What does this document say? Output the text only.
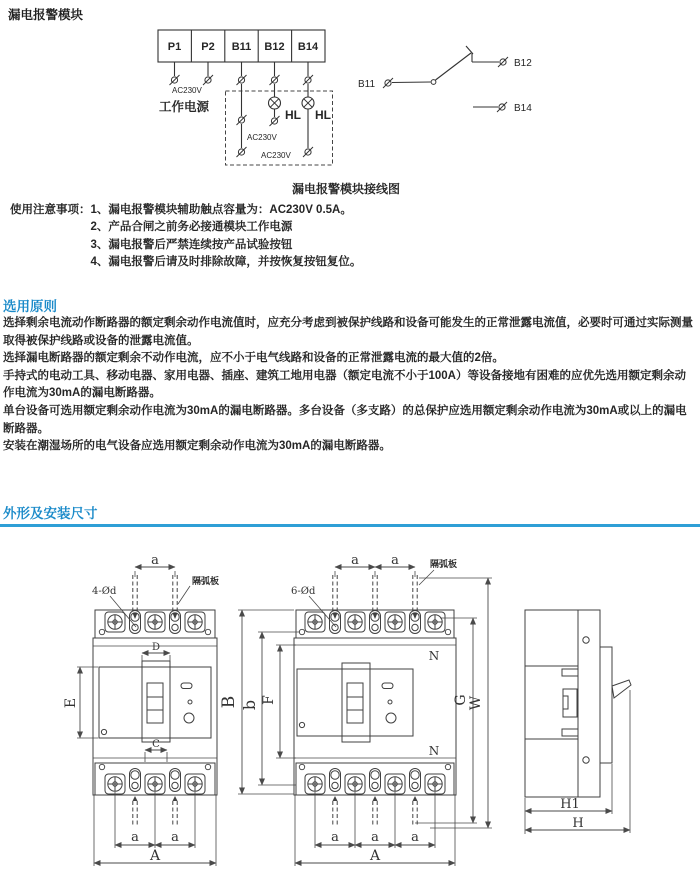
漏电报警模块
P1 P2 B11 B12 B14
AC230V
工作电源
AC230V
AC230V
HL HL
漏电报警模块接线图
B11
B12
B14
使用注意事项： 1、漏电报警模块辅助触点容量为：AC230V 0.5A。
2、产品合闸之前务必接通模块工作电源
3、漏电报警后严禁连续按产品试验按钮
4、漏电报警后请及时排除故障，并按恢复按钮复位。
选用原则

选择剩余电流动作断路器的额定剩余动作电流值时，应充分考虑到被保护线路和设备可能发生的正常泄露电流值，必要时可通过实际测量取得被保护线路或设备的泄露电流值。

选择漏电断路器的额定剩余不动作电流，应不小于电气线路和设备的正常泄露电流的最大值的2倍。

手持式的电动工具、移动电器、家用电器、插座、建筑工地用电器（额定电流不小于100A）等设备接地有困难的应优先选用额定剩余动作电流为30mA的漏电断路器。

单台设备可选用额定剩余动作电流为30mA的漏电断路器。多台设备（多支路）的总保护应选用额定剩余动作电流为30mA或以上的漏电断路器。

安装在潮湿场所的电气设备应选用额定剩余动作电流为30mA的漏电断路器。

外形及安装尺寸
a
隔弧板
4-Ød
D
E
C
a a
A
a a	隔弧板
6-Ød
N
N
B b F	G W
a a a
A
H1
H
